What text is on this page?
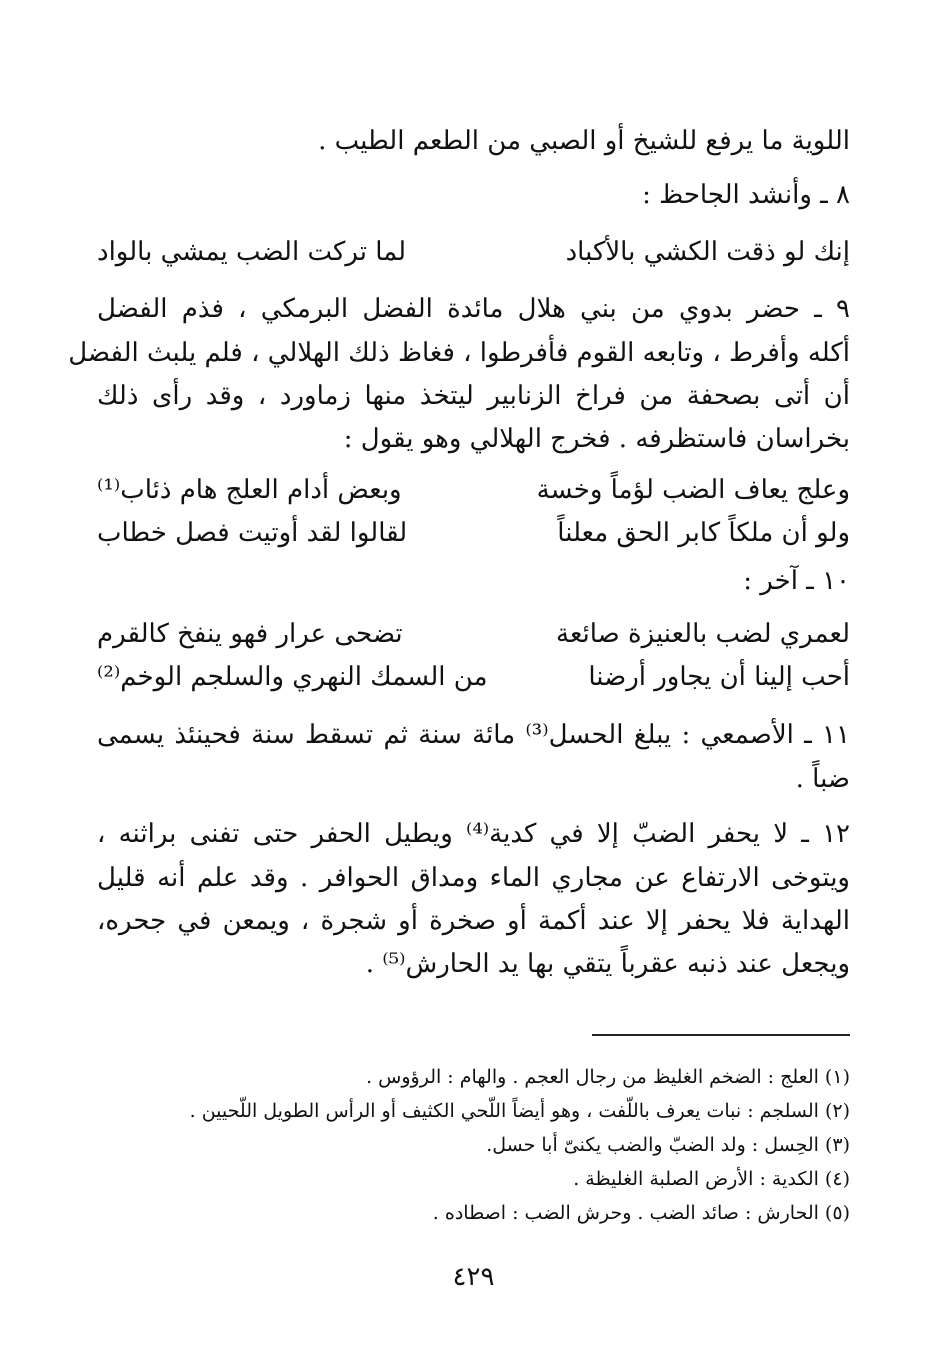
اللوية ما يرفع للشيخ أو الصبي من الطعم الطيب .

٨ ـ وأنشد الجاحظ :

إنك لو ذقت الكشي بالأكباد

لما تركت الضب يمشي بالواد

٩ ـ حضر بدوي من بني هلال مائدة الفضل البرمكي ، فذم الفضل

أكله وأفرط ، وتابعه القوم فأفرطوا ، فغاظ ذلك الهلالي ، فلم يلبث الفضل

أن أتى بصحفة من فراخ الزنابير ليتخذ منها زماورد ، وقد رأى ذلك

بخراسان فاستظرفه . فخرج الهلالي وهو يقول :

وعلج يعاف الضب لؤماً وخسة

وبعض أدام العلج هام ذئاب⁽¹⁾

ولو أن ملكاً كابر الحق معلناً

لقالوا لقد أوتيت فصل خطاب

١٠ ـ آخر :

لعمري لضب بالعنيزة صائعة

تضحى عرار فهو ينفخ كالقرم

أحب إلينا أن يجاور أرضنا

من السمك النهري والسلجم الوخم⁽²⁾

١١ ـ الأصمعي : يبلغ الحسل⁽³⁾ مائة سنة ثم تسقط سنة فحينئذ يسمى

ضباً .

١٢ ـ لا يحفر الضبّ إلا في كدية⁽⁴⁾ ويطيل الحفر حتى تفنى براثنه ،

ويتوخى الارتفاع عن مجاري الماء ومداق الحوافر . وقد علم أنه قليل

الهداية فلا يحفر إلا عند أكمة أو صخرة أو شجرة ، ويمعن في جحره،

ويجعل عند ذنبه عقرباً يتقي بها يد الحارش⁽⁵⁾ .

(١) العلج : الضخم الغليظ من رجال العجم . والهام : الرؤوس .

(٢) السلجم : نبات يعرف باللّفت ، وهو أيضاً اللّحي الكثيف أو الرأس الطويل اللّحيين .

(٣) الحِسل : ولد الضبّ والضب يكنىّ أبا حسل.

(٤) الكدية : الأرض الصلبة الغليظة .

(٥) الحارش : صائد الضب . وحرش الضب : اصطاده .

٤٢٩
